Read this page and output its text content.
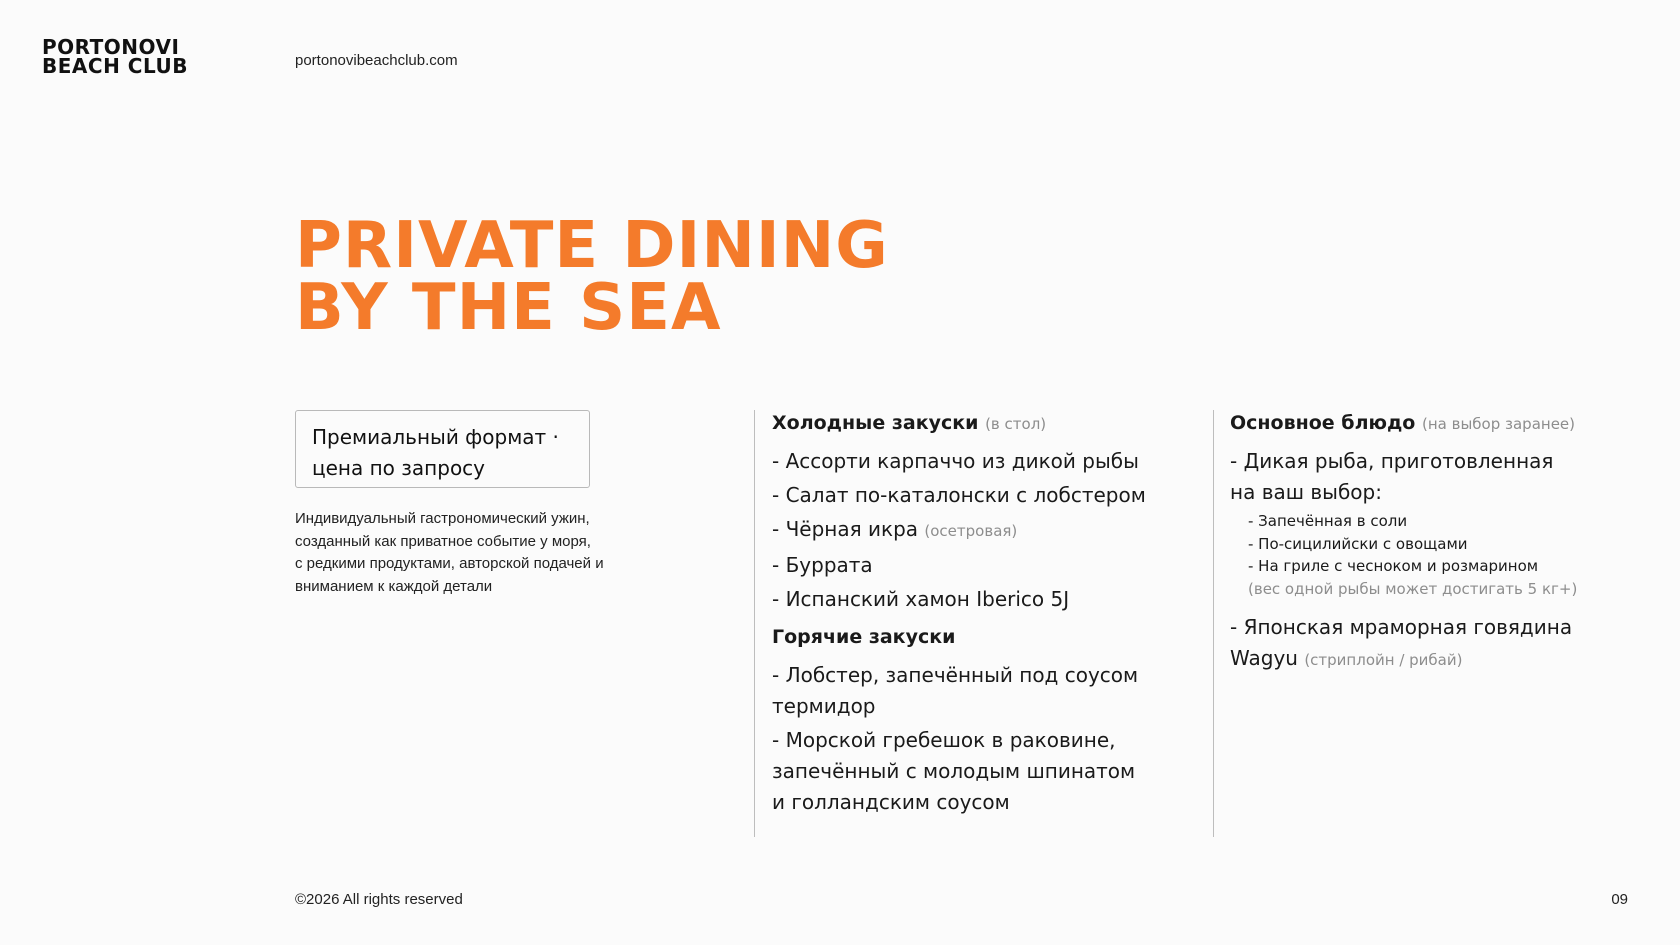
PORTONOVI
BEACH CLUB	portonovibeachclub.com
PRIVATE DINING
BY THE SEA
Премиальный формат ·
цена по запросу
Индивидуальный гастрономический ужин,
созданный как приватное событие у моря,
с редкими продуктами, авторской подачей и
вниманием к каждой детали
Холодные закуски (в стол)
- Ассорти карпаччо из дикой рыбы
- Салат по-каталонски с лобстером
- Чёрная икра (осетровая)
- Буррата
- Испанский хамон Iberico 5J
Горячие закуски
- Лобстер, запечённый под соусом
термидор
- Морской гребешок в раковине,
запечённый с молодым шпинатом
и голландским соусом
Основное блюдо (на выбор заранее)
- Дикая рыба, приготовленная
на ваш выбор:
- Запечённая в соли
- По-сицилийски с овощами
- На гриле с чесноком и розмарином
(вес одной рыбы может достигать 5 кг+)
- Японская мраморная говядина
Wagyu (стриплойн / рибай)
©2026 All rights reserved	09
